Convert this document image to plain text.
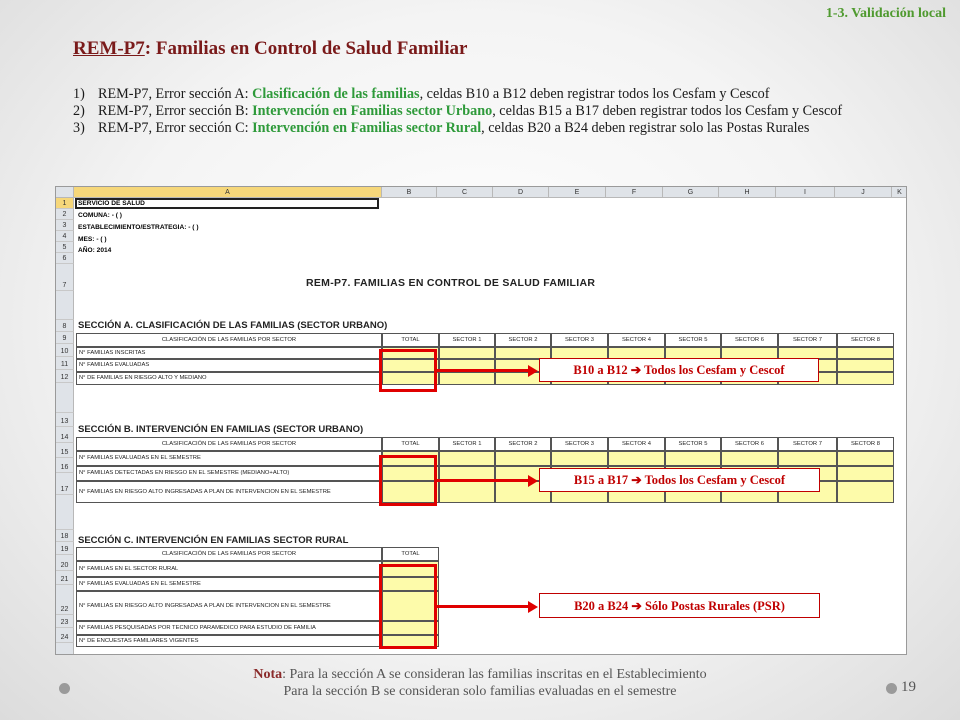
1-3. Validación local
REM-P7: Familias en Control de Salud Familiar
1) REM-P7, Error sección A: Clasificación de las familias, celdas B10 a B12 deben registrar todos los Cesfam y Cescof
2) REM-P7, Error sección B: Intervención en Familias sector Urbano, celdas B15 a B17 deben registrar todos los Cesfam y Cescof
3) REM-P7, Error sección C: Intervención en Familias sector Rural, celdas B20 a B24 deben registrar solo las Postas Rurales
A	B	C	D	E	F	G	H	I	J	K
1
2
3
4
5
6
7
8
9
10
11
12
13
14
15
16
17
18
19
20
21
22
23
24
SERVICIO DE SALUD
COMUNA: - ( )
ESTABLECIMIENTO/ESTRATEGIA: - ( )
MES: - ( )
AÑO: 2014
REM-P7. FAMILIAS EN CONTROL DE SALUD FAMILIAR
SECCIÓN A. CLASIFICACIÓN DE LAS FAMILIAS (SECTOR URBANO)
CLASIFICACIÓN DE LAS FAMILIAS POR SECTOR	TOTAL	SECTOR 1	SECTOR 2	SECTOR 3	SECTOR 4	SECTOR 5	SECTOR 6	SECTOR 7	SECTOR 8
N° FAMILIAS INSCRITAS
N° FAMILIAS EVALUADAS
N° DE FAMILIAS EN RIESGO ALTO Y MEDIANO
SECCIÓN B. INTERVENCIÓN EN FAMILIAS (SECTOR URBANO)
CLASIFICACIÓN DE LAS FAMILIAS POR SECTOR	TOTAL	SECTOR 1	SECTOR 2	SECTOR 3	SECTOR 4	SECTOR 5	SECTOR 6	SECTOR 7	SECTOR 8
N° FAMILIAS EVALUADAS EN EL SEMESTRE
N° FAMILIAS DETECTADAS EN RIESGO EN EL SEMESTRE (MEDIANO+ALTO)
N° FAMILIAS EN RIESGO ALTO INGRESADAS A PLAN DE INTERVENCION EN EL SEMESTRE
SECCIÓN C. INTERVENCIÓN EN FAMILIAS SECTOR RURAL
CLASIFICACIÓN DE LAS FAMILIAS POR SECTOR	TOTAL
N° FAMILIAS EN EL SECTOR RURAL
N° FAMILIAS EVALUADAS EN EL SEMESTRE
N° FAMILIAS EN RIESGO ALTO INGRESADAS A PLAN DE INTERVENCION EN EL SEMESTRE
N° FAMILIAS PESQUISADAS POR TECNICO PARAMEDICO PARA ESTUDIO DE FAMILIA
N° DE ENCUESTAS FAMILIARES VIGENTES
B10 a B12 ➔ Todos los Cesfam y Cescof
B15 a B17 ➔ Todos los Cesfam y Cescof
B20 a B24 ➔ Sólo Postas Rurales (PSR)
Nota: Para la sección A se consideran las familias inscritas en el Establecimiento
Para la sección B se consideran solo familias evaluadas en el semestre	19
